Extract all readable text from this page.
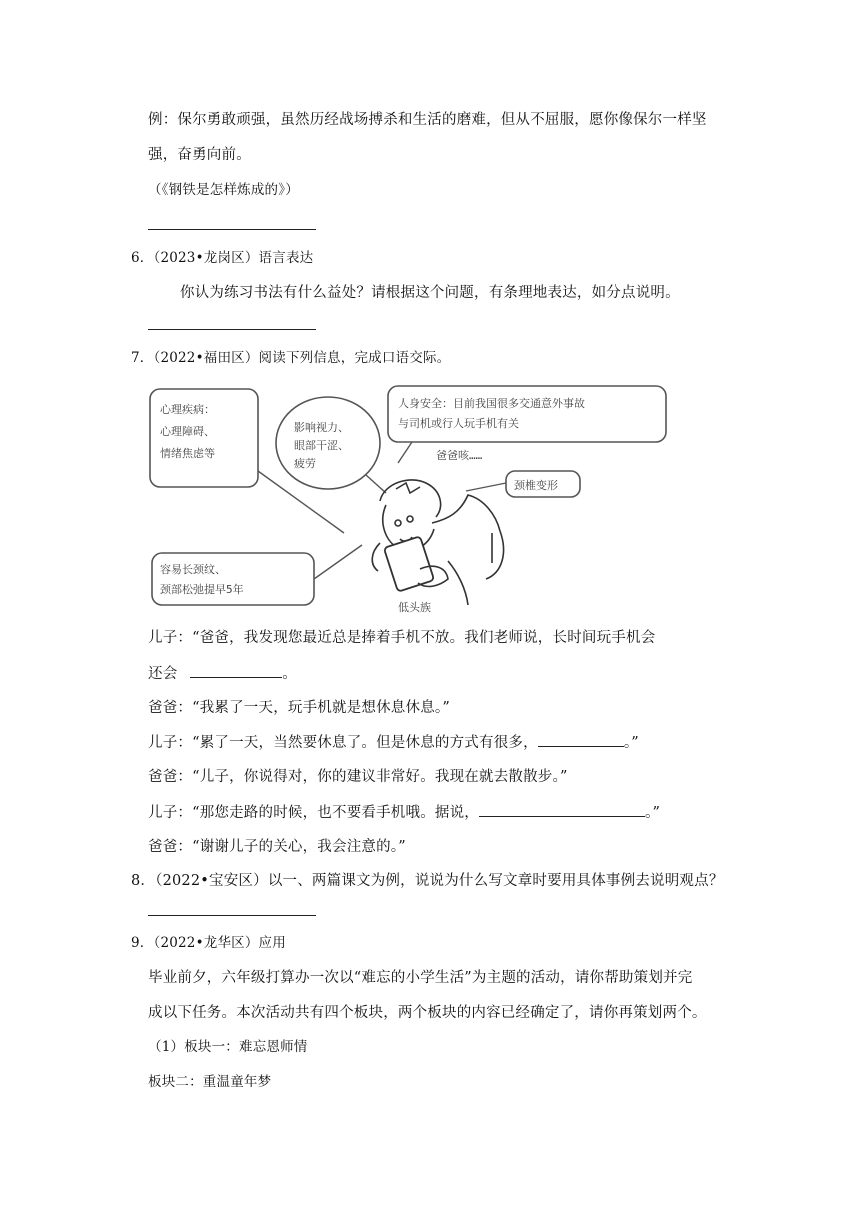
例：保尔勇敢顽强，虽然历经战场搏杀和生活的磨难，但从不屈服，愿你像保尔一样坚
强，奋勇向前。
（《钢铁是怎样炼成的》）
6．（2023•龙岗区）语言表达
你认为练习书法有什么益处？请根据这个问题，有条理地表达，如分点说明。
7．（2022•福田区）阅读下列信息，完成口语交际。
心理疾病：
心理障碍、
情绪焦虑等
影响视力、
眼部干涩、
疲劳
人身安全：目前我国很多交通意外事故
与司机或行人玩手机有关
爸爸咳……
颈椎变形
容易长颈纹、
颈部松弛提早5年
低头族
儿子：“爸爸，我发现您最近总是捧着手机不放。我们老师说，长时间玩手机会
还会	。
爸爸：“我累了一天，玩手机就是想休息休息。”
儿子：“累了一天，当然要休息了。但是休息的方式有很多，	。”
爸爸：“儿子，你说得对，你的建议非常好。我现在就去散散步。”
儿子：“那您走路的时候，也不要看手机哦。据说，	。”
爸爸：“谢谢儿子的关心，我会注意的。”
8．（2022•宝安区）以一、两篇课文为例，说说为什么写文章时要用具体事例去说明观点？
9．（2022•龙华区）应用
毕业前夕，六年级打算办一次以“难忘的小学生活”为主题的活动，请你帮助策划并完
成以下任务。本次活动共有四个板块，两个板块的内容已经确定了，请你再策划两个。
（1）板块一：难忘恩师情
板块二：重温童年梦
